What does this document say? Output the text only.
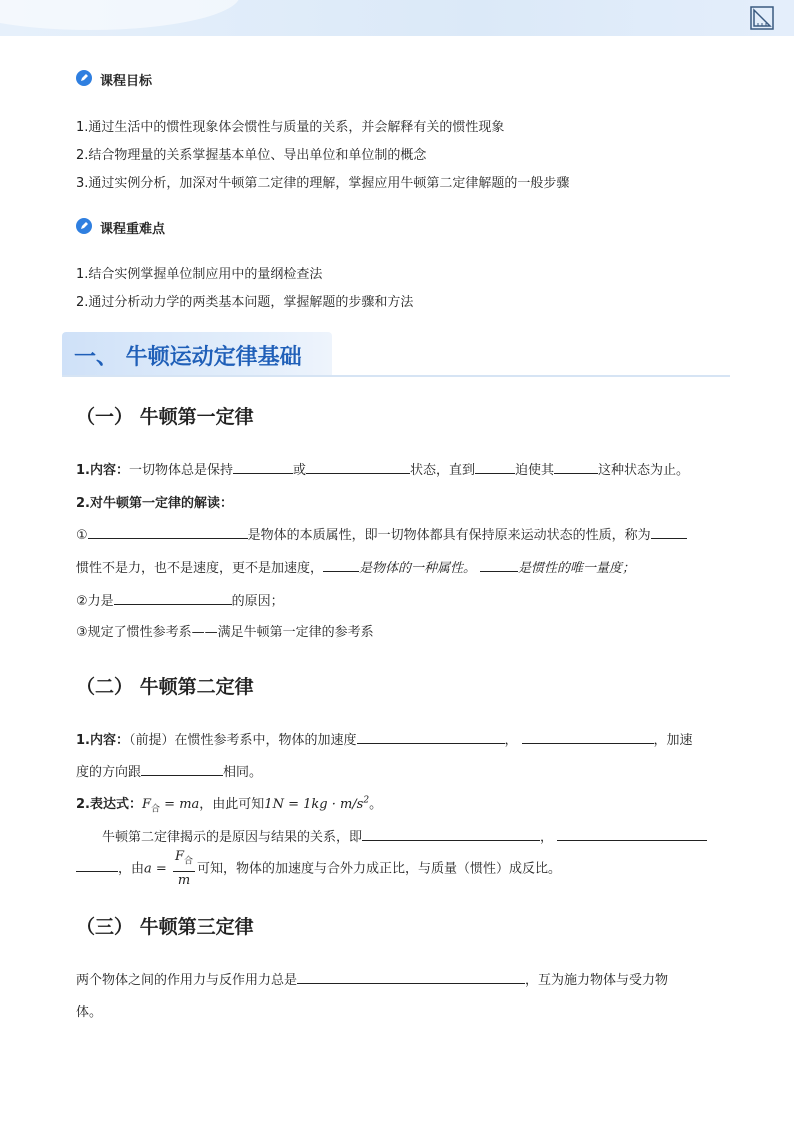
课程目标
1.通过生活中的惯性现象体会惯性与质量的关系，并会解释有关的惯性现象
2.结合物理量的关系掌握基本单位、导出单位和单位制的概念
3.通过实例分析，加深对牛顿第二定律的理解，掌握应用牛顿第二定律解题的一般步骤
课程重难点
1.结合实例掌握单位制应用中的量纲检查法
2.通过分析动力学的两类基本问题，掌握解题的步骤和方法
一、 牛顿运动定律基础
（一） 牛顿第一定律
1.内容：一切物体总是保持	或	状态，直到	迫使其	这种状态为止。
2.对牛顿第一定律的解读：
①	是物体的本质属性，即一切物体都具有保持原来运动状态的性质，称为
惯性不是力，也不是速度，更不是加速度，	是物体的一种属性。	是惯性的唯一量度；
②力是	的原因；
③规定了惯性参考系——满足牛顿第一定律的参考系
（二） 牛顿第二定律
1.内容：（前提）在惯性参考系中，物体的加速度	，	，加速
度的方向跟	相同。
2.表达式：$F_合$ = ma，由此可知$1N = 1kg \cdot m/s^2$。
牛顿第二定律揭示的是原因与结果的关系，即	，
，由$a = \frac{F_合}{m}$ 可知，物体的加速度与合外力成正比，与质量（惯性）成反比。
（三） 牛顿第三定律
两个物体之间的作用力与反作用力总是	，互为施力物体与受力物
体。
